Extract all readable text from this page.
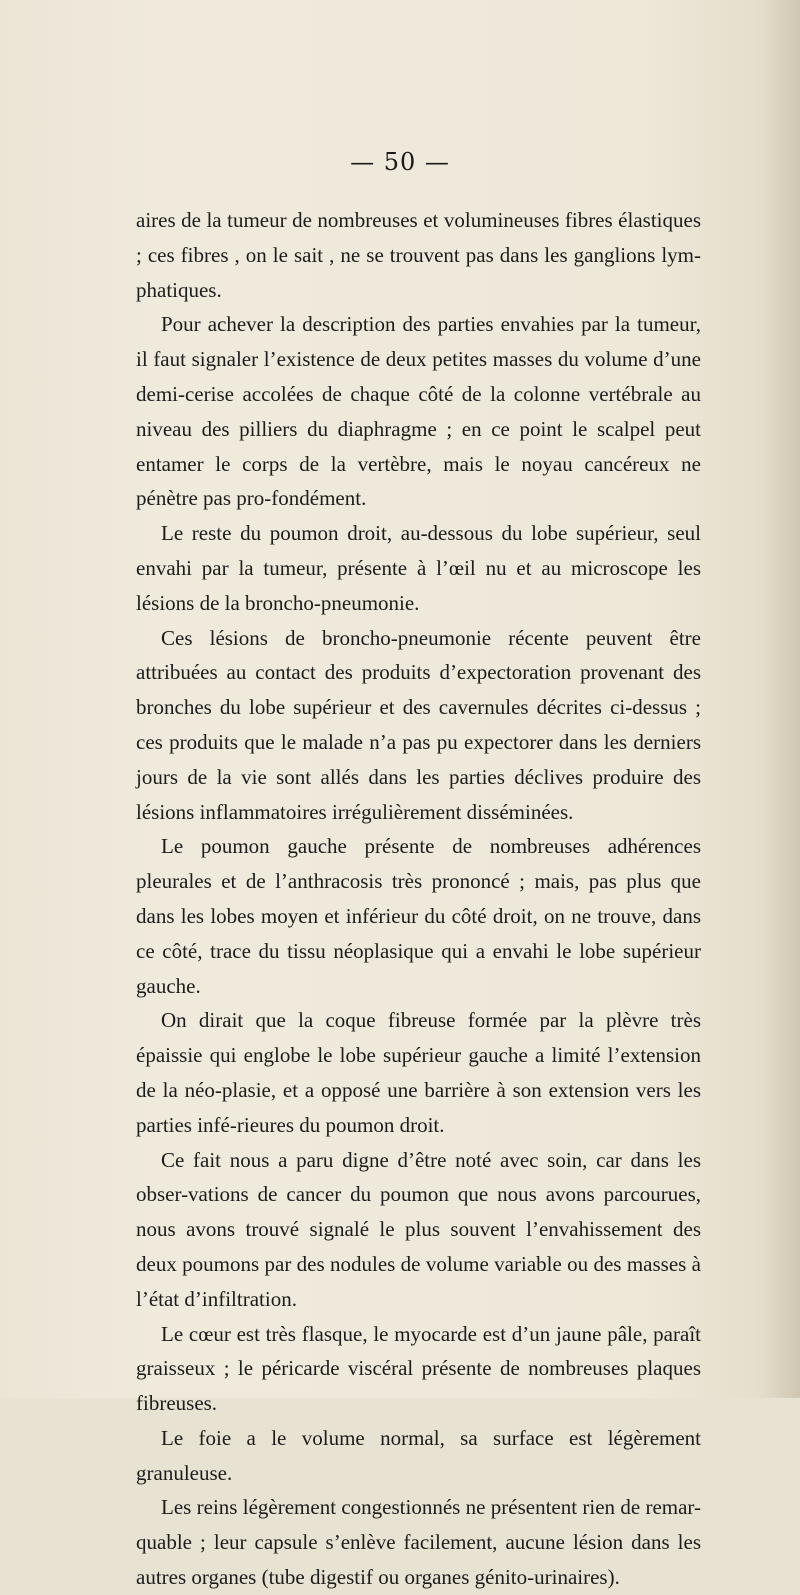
— 50 —

aires de la tumeur de nombreuses et volumineuses fibres élastiques ; ces fibres , on le sait , ne se trouvent pas dans les ganglions lym-phatiques.

Pour achever la description des parties envahies par la tumeur, il faut signaler l’existence de deux petites masses du volume d’une demi-cerise accolées de chaque côté de la colonne vertébrale au niveau des pilliers du diaphragme ; en ce point le scalpel peut entamer le corps de la vertèbre, mais le noyau cancéreux ne pénètre pas pro-fondément.

Le reste du poumon droit, au-dessous du lobe supérieur, seul envahi par la tumeur, présente à l’œil nu et au microscope les lésions de la broncho-pneumonie.

Ces lésions de broncho-pneumonie récente peuvent être attribuées au contact des produits d’expectoration provenant des bronches du lobe supérieur et des cavernules décrites ci-dessus ; ces produits que le malade n’a pas pu expectorer dans les derniers jours de la vie sont allés dans les parties déclives produire des lésions inflammatoires irrégulièrement disséminées.

Le poumon gauche présente de nombreuses adhérences pleurales et de l’anthracosis très prononcé ; mais, pas plus que dans les lobes moyen et inférieur du côté droit, on ne trouve, dans ce côté, trace du tissu néoplasique qui a envahi le lobe supérieur gauche.

On dirait que la coque fibreuse formée par la plèvre très épaissie qui englobe le lobe supérieur gauche a limité l’extension de la néo-plasie, et a opposé une barrière à son extension vers les parties infé-rieures du poumon droit.

Ce fait nous a paru digne d’être noté avec soin, car dans les obser-vations de cancer du poumon que nous avons parcourues, nous avons trouvé signalé le plus souvent l’envahissement des deux poumons par des nodules de volume variable ou des masses à l’état d’infiltration.

Le cœur est très flasque, le myocarde est d’un jaune pâle, paraît graisseux ; le péricarde viscéral présente de nombreuses plaques fibreuses.

Le foie a le volume normal, sa surface est légèrement granuleuse.

Les reins légèrement congestionnés ne présentent rien de remar-quable ; leur capsule s’enlève facilement, aucune lésion dans les autres organes (tube digestif ou organes génito-urinaires).
